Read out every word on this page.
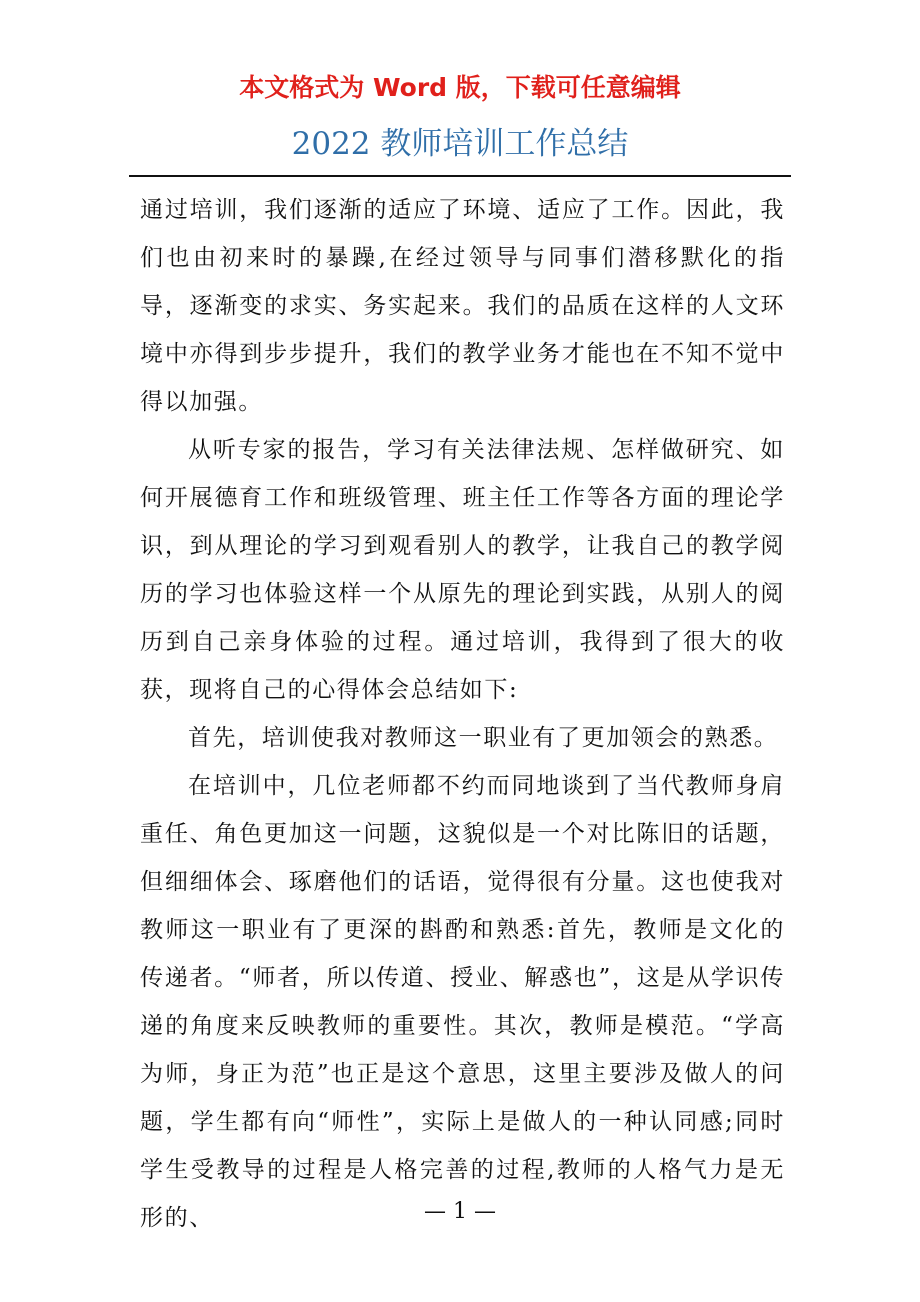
本文格式为 Word 版，下载可任意编辑
2022 教师培训工作总结

通过培训，我们逐渐的适应了环境、适应了工作。因此，我们也由初来时的暴躁,在经过领导与同事们潜移默化的指导，逐渐变的求实、务实起来。我们的品质在这样的人文环境中亦得到步步提升，我们的教学业务才能也在不知不觉中得以加强。

从听专家的报告，学习有关法律法规、怎样做研究、如何开展德育工作和班级管理、班主任工作等各方面的理论学识，到从理论的学习到观看别人的教学，让我自己的教学阅历的学习也体验这样一个从原先的理论到实践，从别人的阅历到自己亲身体验的过程。通过培训，我得到了很大的收获，现将自己的心得体会总结如下:

首先，培训使我对教师这一职业有了更加领会的熟悉。

在培训中，几位老师都不约而同地谈到了当代教师身肩重任、角色更加这一问题，这貌似是一个对比陈旧的话题，但细细体会、琢磨他们的话语，觉得很有分量。这也使我对教师这一职业有了更深的斟酌和熟悉:首先，教师是文化的传递者。“师者，所以传道、授业、解惑也”，这是从学识传递的角度来反映教师的重要性。其次，教师是模范。“学高为师，身正为范”也正是这个意思，这里主要涉及做人的问题，学生都有向“师性”，实际上是做人的一种认同感;同时学生受教导的过程是人格完善的过程,教师的人格气力是无形的、	— 1 —
